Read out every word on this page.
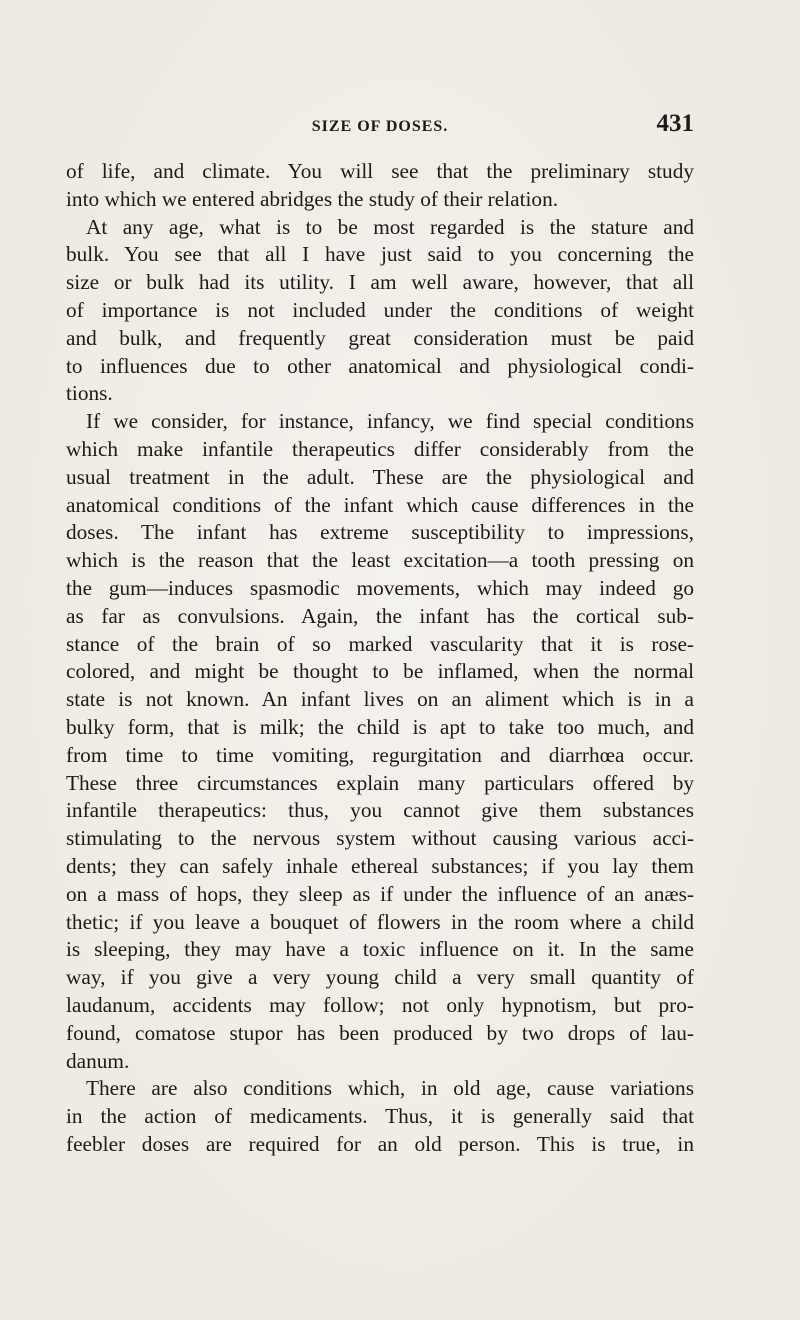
SIZE OF DOSES.	431
of life, and climate. You will see that the preliminary study
into which we entered abridges the study of their relation.
At any age, what is to be most regarded is the stature and
bulk. You see that all I have just said to you concerning the
size or bulk had its utility. I am well aware, however, that all
of importance is not included under the conditions of weight
and bulk, and frequently great consideration must be paid
to influences due to other anatomical and physiological condi-
tions.
If we consider, for instance, infancy, we find special conditions
which make infantile therapeutics differ considerably from the
usual treatment in the adult. These are the physiological and
anatomical conditions of the infant which cause differences in the
doses. The infant has extreme susceptibility to impressions,
which is the reason that the least excitation—a tooth pressing on
the gum—induces spasmodic movements, which may indeed go
as far as convulsions. Again, the infant has the cortical sub-
stance of the brain of so marked vascularity that it is rose-
colored, and might be thought to be inflamed, when the normal
state is not known. An infant lives on an aliment which is in a
bulky form, that is milk; the child is apt to take too much, and
from time to time vomiting, regurgitation and diarrhœa occur.
These three circumstances explain many particulars offered by
infantile therapeutics: thus, you cannot give them substances
stimulating to the nervous system without causing various acci-
dents; they can safely inhale ethereal substances; if you lay them
on a mass of hops, they sleep as if under the influence of an anæs-
thetic; if you leave a bouquet of flowers in the room where a child
is sleeping, they may have a toxic influence on it. In the same
way, if you give a very young child a very small quantity of
laudanum, accidents may follow; not only hypnotism, but pro-
found, comatose stupor has been produced by two drops of lau-
danum.
There are also conditions which, in old age, cause variations
in the action of medicaments. Thus, it is generally said that
feebler doses are required for an old person. This is true, in
